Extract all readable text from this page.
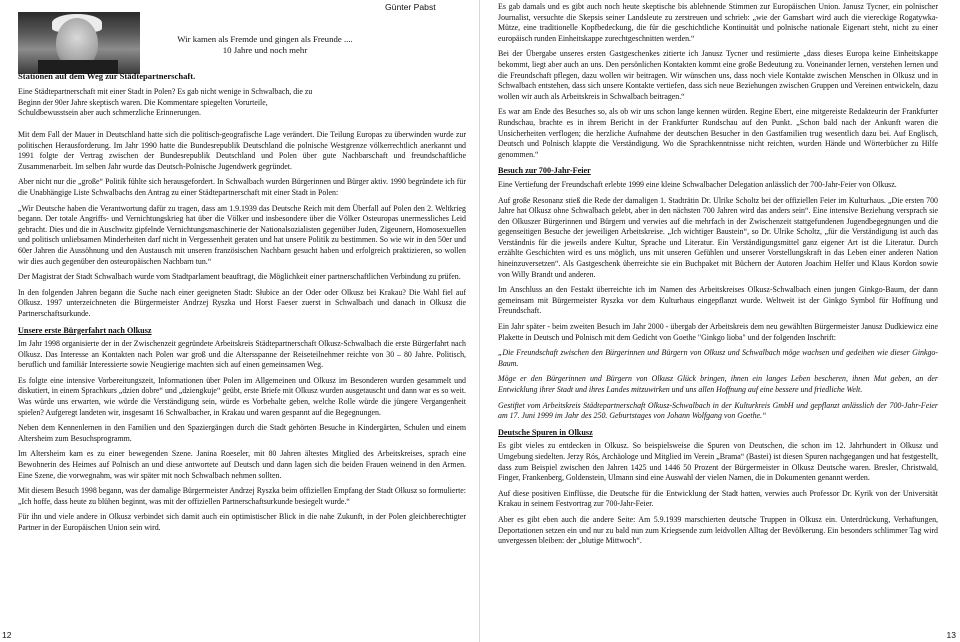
Günter Pabst
Wir kamen als Fremde und gingen als Freunde ....
10 Jahre und noch mehr
Stationen auf dem Weg zur Städtepartnerschaft.
Eine Städtepartnerschaft mit einer Stadt in Polen? Es gab nicht wenige in Schwalbach, die zu Beginn der 90er Jahre skeptisch waren. Die Kommentare spiegelten Vorurteile, Schuldbewusstsein aber auch schmerzliche Erinnerungen.

Mit dem Fall der Mauer in Deutschland hatte sich die politisch-geografische Lage verändert. Die Teilung Europas zu überwinden wurde zur politischen Herausforderung. Im Jahr 1990 hatte die Bundesrepublik Deutschland die polnische Westgrenze völkerrechtlich anerkannt und 1991 folgte der Vertrag zwischen der Bundesrepublik Deutschland und Polen über gute Nachbarschaft und freundschaftliche Zusammenarbeit. Im selben Jahr wurde das Deutsch-Polnische Jugendwerk gegründet.

Aber nicht nur die „große“ Politik fühlte sich herausgefordert. In Schwalbach wurden Bürgerinnen und Bürger aktiv. 1990 begründete ich für die Unabhängige Liste Schwalbachs den Antrag zu einer Städtepartnerschaft mit einer Stadt in Polen:

„Wir Deutsche haben die Verantwortung dafür zu tragen, dass am 1.9.1939 das Deutsche Reich mit dem Überfall auf Polen den 2. Weltkrieg begann. Der totale Angriffs- und Vernichtungskrieg hat über die Völker und insbesondere über die Völker Osteuropas unermessliches Leid gebracht. Dies und die in Auschwitz gipfelnde Vernichtungsmaschinerie der Nationalsozialisten gegenüber Juden, Zigeunern, Homosexuellen und politisch unliebsamen Minderheiten darf nicht in Vergessenheit geraten und hat unsere Politik zu bestimmen. So wie wir in den 50er und 60er Jahren die Aussöhnung und den Austausch mit unseren französischen Nachbarn gesucht haben und erfolgreich praktizieren, so wollen wir dies auch gegenüber den osteuropäischen Nachbarn tun.“

Der Magistrat der Stadt Schwalbach wurde vom Stadtparlament beauftragt, die Möglichkeit einer partnerschaftlichen Verbindung zu prüfen.

In den folgenden Jahren begann die Suche nach einer geeigneten Stadt: Słubice an der Oder oder Olkusz bei Krakau? Die Wahl fiel auf Olkusz. 1997 unterzeichneten die Bürgermeister Andrzej Ryszka und Horst Faeser zuerst in Schwalbach und danach in Olkusz die Partnerschaftsurkunde.

Unsere erste Bürgerfahrt nach Olkusz

Im Jahr 1998 organisierte der in der Zwischenzeit gegründete Arbeitskreis Städtepartnerschaft Olkusz-Schwalbach die erste Bürgerfahrt nach Olkusz. Das Interesse an Kontakten nach Polen war groß und die Altersspanne der Reiseteilnehmer reichte von 30 – 80 Jahre. Politisch, beruflich und familiär Interessierte sowie Neugierige machten sich auf einen gemeinsamen Weg.

Es folgte eine intensive Vorbereitungszeit, Informationen über Polen im Allgemeinen und Olkusz im Besonderen wurden gesammelt und diskutiert, in einem Sprachkurs „dzien dobre“ und „dziengkuje“ geübt, erste Briefe mit Olkusz wurden ausgetauscht und dann war es so weit. Was würde uns erwarten, wie würde die Verständigung sein, würde es Vorbehalte geben, welche Rolle würde die jüngere Vergangenheit spielen? Aufgeregt landeten wir, insgesamt 16 Schwalbacher, in Krakau und waren gespannt auf die Begegnungen.

Neben dem Kennenlernen in den Familien und den Spaziergängen durch die Stadt gehörten Besuche in Kindergärten, Schulen und einem Altersheim zum Besuchsprogramm.

Im Altersheim kam es zu einer bewegenden Szene. Janina Roeseler, mit 80 Jahren ältestes Mitglied des Arbeitskreises, sprach eine Bewohnerin des Heimes auf Polnisch an und diese antwortete auf Deutsch und dann lagen sich die beiden Frauen weinend in den Armen. Eine Szene, die vorwegnahm, was wir später mit noch Schwalbach nehmen sollten.

Mit diesem Besuch 1998 begann, was der damalige Bürgermeister Andrzej Ryszka beim offiziellen Empfang der Stadt Olkusz so formulierte: „Ich hoffe, dass heute zu blühen beginnt, was mit der offiziellen Partnerschaftsurkunde besiegelt wurde.“

Für ihn und viele andere in Olkusz verbindet sich damit auch ein optimistischer Blick in die nahe Zukunft, in der Polen gleichberechtigter Partner in der Europäischen Union sein wird.

12

Es gab damals und es gibt auch noch heute skeptische bis ablehnende Stimmen zur Europäischen Union. Janusz Tycner, ein polnischer Journalist, versuchte die Skepsis seiner Landsleute zu zerstreuen und schrieb: „wie der Gamsbart wird auch die viereckige Rogatywka-Mütze, eine traditionelle Kopfbedeckung, die für die geschichtliche Kontinuität und polnische nationale Eigenart steht, nicht zu einer europäisch runden Einheitskappe zurechtgeschnitten werden.“

Bei der Übergabe unseres ersten Gastgeschenkes zitierte ich Janusz Tycner und resümierte „dass dieses Europa keine Einheitskappe bekommt, liegt aber auch an uns. Den persönlichen Kontakten kommt eine große Bedeutung zu. Voneinander lernen, verstehen lernen und die Freundschaft pflegen, dazu wollen wir beitragen. Wir wünschen uns, dass noch viele Kontakte zwischen Menschen in Olkusz und in Schwalbach entstehen, dass sich unsere Kontakte vertiefen, dass sich neue Beziehungen zwischen Gruppen und Vereinen entwickeln, dazu wollen wir auch als Arbeitskreis in Schwalbach beitragen.“

Es war am Ende des Besuches so, als ob wir uns schon lange kennen würden. Regine Ebert, eine mitgereiste Redakteurin der Frankfurter Rundschau, brachte es in ihrem Bericht in der Frankfurter Rundschau auf den Punkt. „Schon bald nach der Ankunft waren die Unsicherheiten verflogen; die herzliche Aufnahme der deutschen Besucher in den Gastfamilien trug wesentlich dazu bei. Auf Englisch, Deutsch und Polnisch klappte die Verständigung. Wo die Sprachkenntnisse nicht reichten, wurden Hände und Wörterbücher zu Hilfe genommen.“

Besuch zur 700-Jahr-Feier

Eine Vertiefung der Freundschaft erlebte 1999 eine kleine Schwalbacher Delegation anlässlich der 700-Jahr-Feier von Olkusz.

Auf große Resonanz stieß die Rede der damaligen 1. Stadträtin Dr. Ulrike Scholtz bei der offiziellen Feier im Kulturhaus. „Die ersten 700 Jahre hat Olkusz ohne Schwalbach gelebt, aber in den nächsten 700 Jahren wird das anders sein“. Eine intensive Beziehung versprach sie den Olkuszer Bürgerinnen und Bürgern und verwies auf die mehrfach in der Zwischenzeit stattgefundenen Jugendbegegnungen und die gegenseitigen Besuche der jeweiligen Arbeitskreise. „Ich wichtiger Baustein“, so Dr. Ulrike Scholtz, „für die Verständigung ist auch das Verständnis für die jeweils andere Kultur, Sprache und Literatur. Ein Verständigungsmittel ganz eigener Art ist die Literatur. Durch erzählte Geschichten wird es uns möglich, uns mit unseren Gefühlen und unserer Vorstellungskraft in das Leben einer anderen Nation hineinzuversetzen“. Als Gastgeschenk überreichte sie ein Buchpaket mit Büchern der Autoren Joachim Helfer und Klaus Kordon sowie von Willy Brandt und anderen.

Im Anschluss an den Festakt überreichte ich im Namen des Arbeitskreises Olkusz-Schwalbach einen jungen Ginkgo-Baum, der dann gemeinsam mit Bürgermeister Ryszka vor dem Kulturhaus eingepflanzt wurde. Weltweit ist der Ginkgo Symbol für Hoffnung und Freundschaft.

Ein Jahr später - beim zweiten Besuch im Jahr 2000 - übergab der Arbeitskreis dem neu gewählten Bürgermeister Janusz Dudkiewicz eine Plakette in Deutsch und Polnisch mit dem Gedicht von Goethe "Ginkgo lioba" und der folgenden Inschrift:

„Die Freundschaft zwischen den Bürgerinnen und Bürgern von Olkusz und Schwalbach möge wachsen und gedeihen wie dieser Ginkgo-Baum.

Möge er den Bürgerinnen und Bürgern von Olkusz Glück bringen, ihnen ein langes Leben bescheren, ihnen Mut geben, an der Entwicklung ihrer Stadt und ihres Landes mitzuwirken und uns allen Hoffnung auf eine bessere und friedliche Welt.

Gestiftet vom Arbeitskreis Städtepartnerschaft Olkusz-Schwalbach in der Kulturkreis GmbH und gepflanzt anlässlich der 700-Jahr-Feier am 17. Juni 1999 im Jahr des 250. Geburtstages von Johann Wolfgang von Goethe.“

Deutsche Spuren in Olkusz

Es gibt vieles zu entdecken in Olkusz. So beispielsweise die Spuren von Deutschen, die schon im 12. Jahrhundert in Olkusz und Umgebung siedelten. Jerzy Rós, Archäologe und Mitglied im Verein „Brama“ (Bastei) ist diesen Spuren nachgegangen und hat festgestellt, dass zum Beispiel zwischen den Jahren 1425 und 1446 50 Prozent der Bürgermeister in Olkusz Deutsche waren. Bresler, Christwald, Finger, Frankenberg, Goldenstein, Ulmann sind eine Auswahl der vielen Namen, die in Dokumenten genannt werden.

Auf diese positiven Einflüsse, die Deutsche für die Entwicklung der Stadt hatten, verwies auch Professor Dr. Kyrik von der Universität Krakau in seinem Festvortrag zur 700-Jahr-Feier.

Aber es gibt eben auch die andere Seite: Am 5.9.1939 marschierten deutsche Truppen in Olkusz ein. Unterdrückung, Verhaftungen, Deportationen setzen ein und nur zu bald nun zum Kriegsende zum leidvollen Alltag der Bevölkerung. Ein besonders schlimmer Tag wird unvergessen bleiben: der „blutige Mittwoch“.

13
